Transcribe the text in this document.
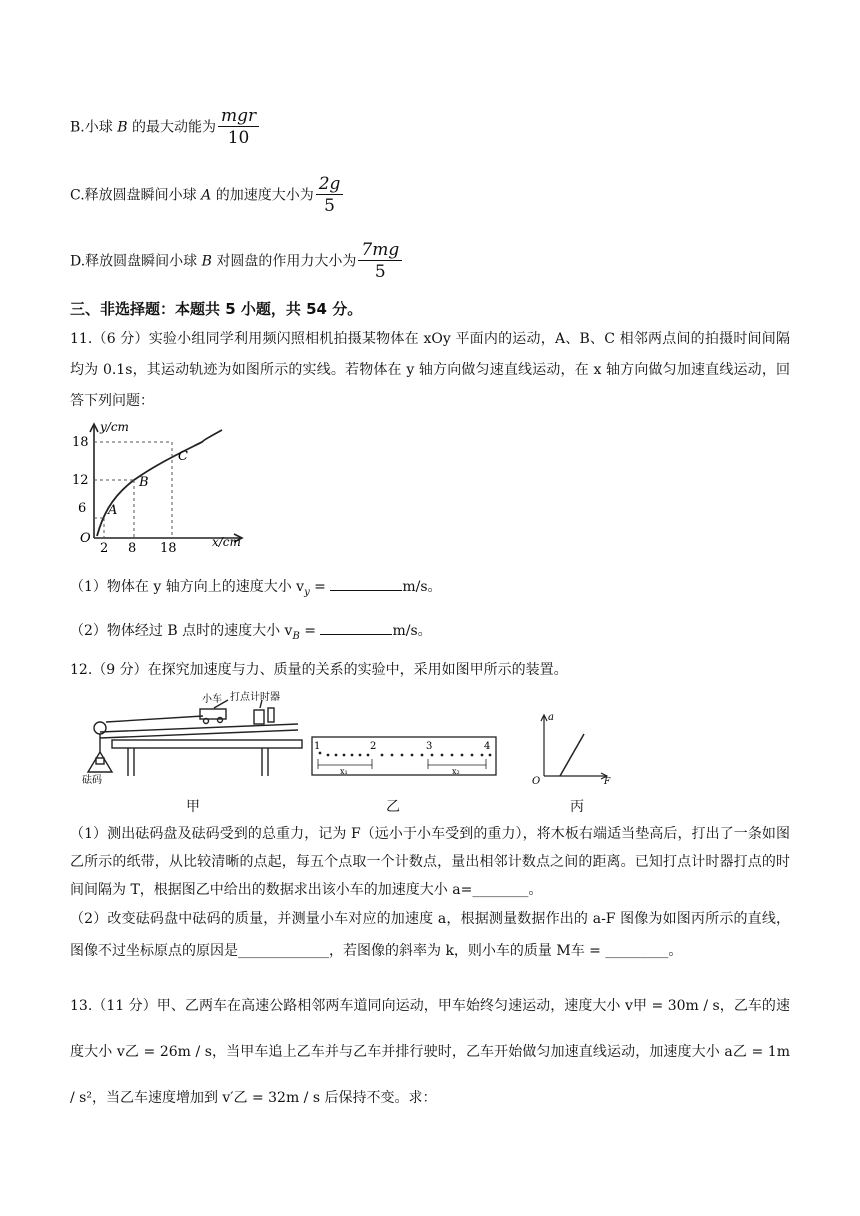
B.小球 B 的最大动能为 $\frac{\text{mgr}}{10}$
C.释放圆盘瞬间小球 A 的加速度大小为 $\frac{2g}{5}$
D.释放圆盘瞬间小球 B 对圆盘的作用力大小为 $\frac{7mg}{5}$
三、非选择题：本题共 5 小题，共 54 分。
11.（6 分）实验小组同学利用频闪照相机拍摄某物体在 xOy 平面内的运动，A、B、C 相邻两点间的拍摄时间间隔均为 0.1s，其运动轨迹为如图所示的实线。若物体在 y 轴方向做匀速直线运动，在 x 轴方向做匀加速直线运动，回答下列问题：
y/cm
18
12
6
O
2 8 18	x/cm
A
B
C
（1）物体在 y 轴方向上的速度大小 $v_y$ =	m/s。
（2）物体经过 B 点时的速度大小 $v_B$ =	m/s。
12.（9 分）在探究加速度与力、质量的关系的实验中，采用如图甲所示的装置。
小车 打点计时器
砝码
1	2	3	4
x₁	x₂
a
F
O
甲	乙	丙
（1）测出砝码盘及砝码受到的总重力，记为 F（远小于小车受到的重力），将木板右端适当垫高后，打出了一条如图乙所示的纸带，从比较清晰的点起，每五个点取一个计数点，量出相邻计数点之间的距离。已知打点计时器打点的时间间隔为 T，根据图乙中给出的数据求出该小车的加速度大小 a=________。
（2）改变砝码盘中砝码的质量，并测量小车对应的加速度 a，根据测量数据作出的 a-F 图像为如图丙所示的直线，图像不过坐标原点的原因是_____________，若图像的斜率为 k，则小车的质量 M车 = _________。
13.（11 分）甲、乙两车在高速公路相邻两车道同向运动，甲车始终匀速运动，速度大小 v甲 = 30m / s，乙车的速度大小 v乙 = 26m / s，当甲车追上乙车并与乙车并排行驶时，乙车开始做匀加速直线运动，加速度大小 a乙 = 1m / s²，当乙车速度增加到 v′乙 = 32m / s 后保持不变。求：
